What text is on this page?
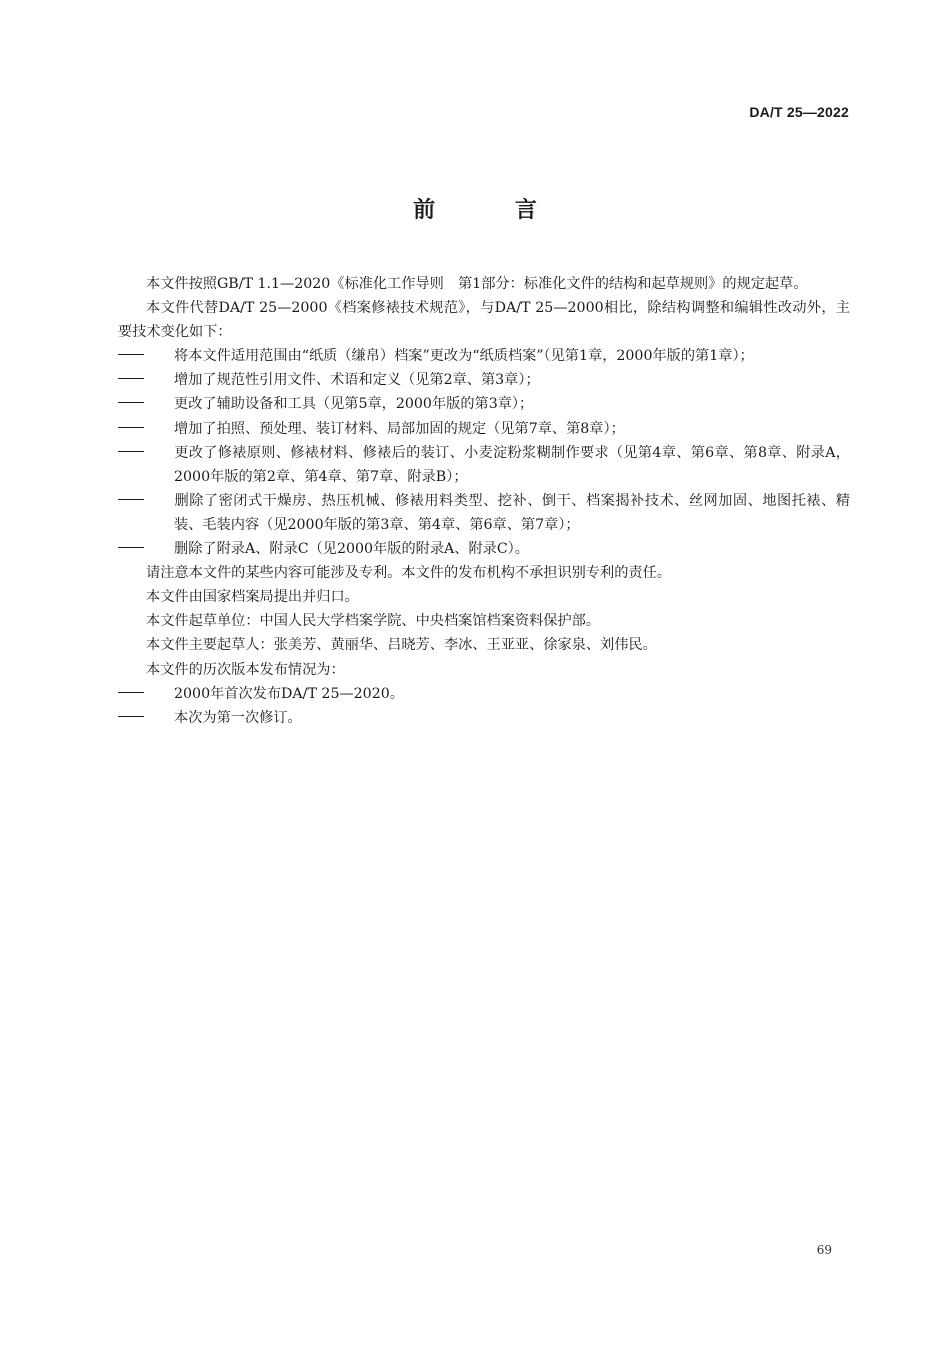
DA/T 25—2022
前 言

本文件按照GB/T 1.1—2020《标准化工作导则　第1部分：标准化文件的结构和起草规则》的规定起草。

本文件代替DA/T 25—2000《档案修裱技术规范》，与DA/T 25—2000相比，除结构调整和编辑性改动外，主要技术变化如下：

将本文件适用范围由“纸质（缣帛）档案”更改为“纸质档案”（见第1章，2000年版的第1章）；

增加了规范性引用文件、术语和定义（见第2章、第3章）；

更改了辅助设备和工具（见第5章，2000年版的第3章）；

增加了拍照、预处理、装订材料、局部加固的规定（见第7章、第8章）；

更改了修裱原则、修裱材料、修裱后的装订、小麦淀粉浆糊制作要求（见第4章、第6章、第8章、附录A，2000年版的第2章、第4章、第7章、附录B）；

删除了密闭式干燥房、热压机械、修裱用料类型、挖补、倒干、档案揭补技术、丝网加固、地图托裱、精装、毛装内容（见2000年版的第3章、第4章、第6章、第7章）；

删除了附录A、附录C（见2000年版的附录A、附录C）。

请注意本文件的某些内容可能涉及专利。本文件的发布机构不承担识别专利的责任。

本文件由国家档案局提出并归口。

本文件起草单位：中国人民大学档案学院、中央档案馆档案资料保护部。

本文件主要起草人：张美芳、黄丽华、吕晓芳、李冰、王亚亚、徐家泉、刘伟民。

本文件的历次版本发布情况为：

2000年首次发布DA/T 25—2020。

本次为第一次修订。

69
